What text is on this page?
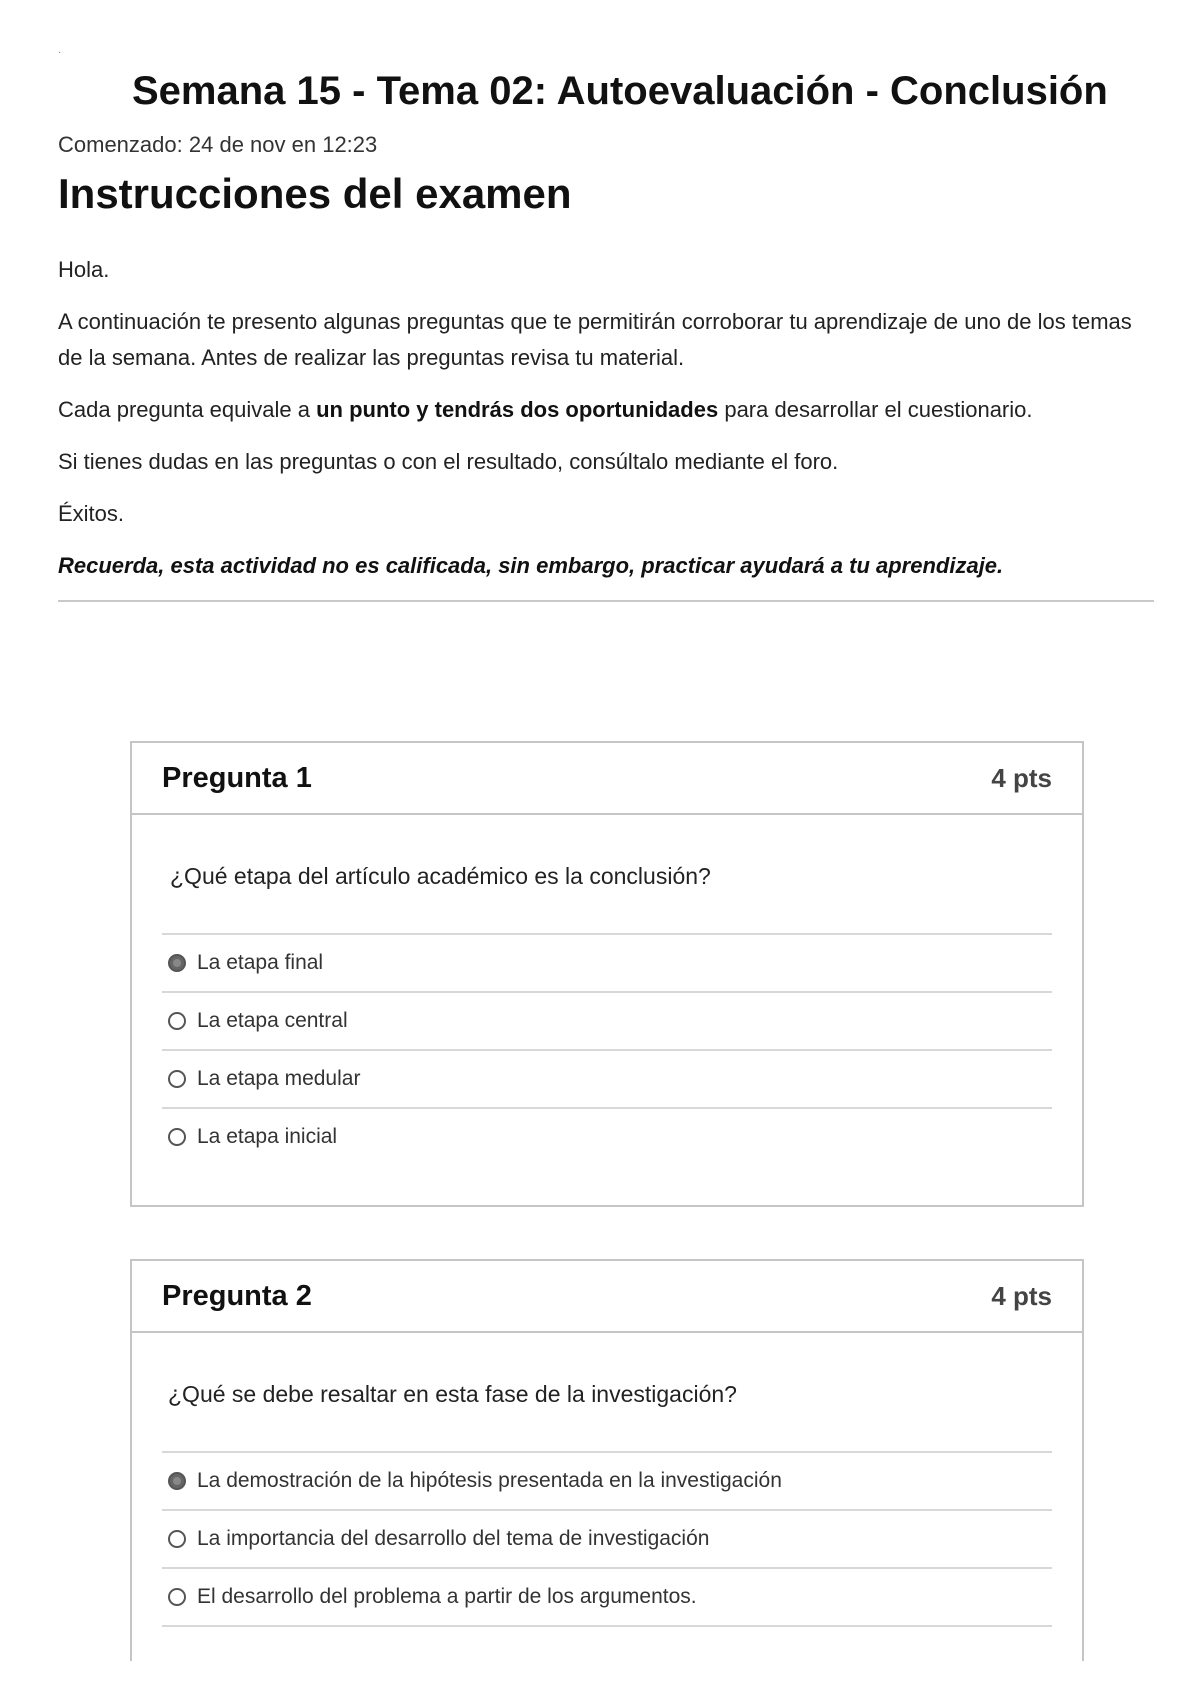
·
Semana 15 - Tema 02: Autoevaluación - Conclusión
Comenzado: 24 de nov en 12:23
Instrucciones del examen

Hola.

A continuación te presento algunas preguntas que te permitirán corroborar tu aprendizaje de uno de los temas de la semana. Antes de realizar las preguntas revisa tu material.

Cada pregunta equivale a un punto y tendrás dos oportunidades para desarrollar el cuestionario.

Si tienes dudas en las preguntas o con el resultado, consúltalo mediante el foro.

Éxitos.

Recuerda, esta actividad no es calificada, sin embargo, practicar ayudará a tu aprendizaje.

Pregunta 1	4 pts
¿Qué etapa del artículo académico es la conclusión?
La etapa final
La etapa central
La etapa medular
La etapa inicial
Pregunta 2	4 pts
¿Qué se debe resaltar en esta fase de la investigación?
La demostración de la hipótesis presentada en la investigación
La importancia del desarrollo del tema de investigación
El desarrollo del problema a partir de los argumentos.
